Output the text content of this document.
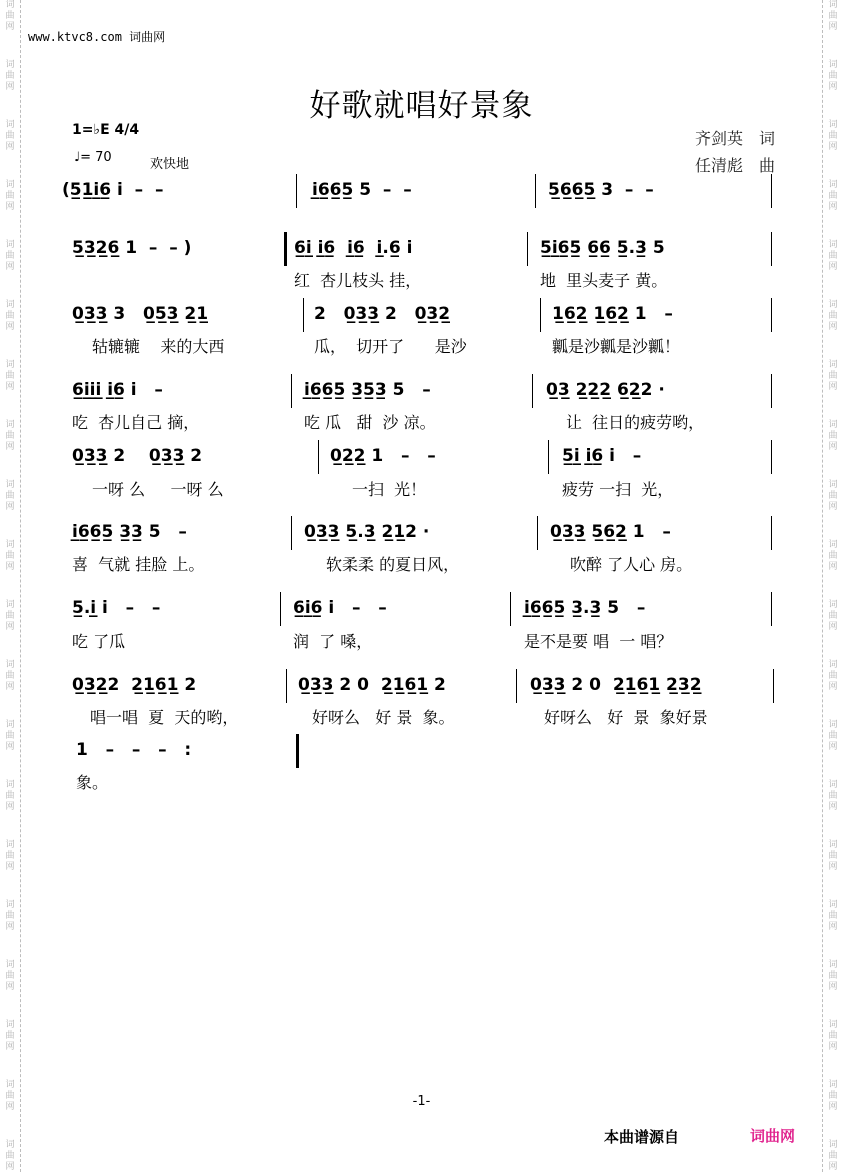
词
曲
网
词
曲
网
词
曲
网
词
曲
网
词
曲
网
词
曲
网
词
曲
网
词
曲
网
词
曲
网
词
曲
网
词
曲
网
词
曲
网
词
曲
网
词
曲
网
词
曲
网
词
曲
网
词
曲
网
词
曲
网
词
曲
网
词
曲
网
词
曲
网
词
曲
网
词
曲
网
词
曲
网
词
曲
网
词
曲
网
词
曲
网
词
曲
网
词
曲
网
词
曲
网
词
曲
网
词
曲
网
词
曲
网
词
曲
网
词
曲
网
词
曲
网
词
曲
网
词
曲
网
词
曲
网
词
曲
网
www.ktvc8.com 词曲网
好歌就唱好景象
1=♭E 4/4
♩= 70	欢快地
齐剑英　词
任清彪　曲
(5̲1̲i̲6̲ i  –  –	i̲6̲6̲5̲ 5  –  –	5̲6̲6̲5̲ 3  –  –
5̲3̲2̲6̲ 1  –  – )	6̲i̲ i̲6̲  i̲6̲  i̲.6̲ i
红  杏儿枝头 挂，
5̲i̲6̲5̲ 6̲6̲ 5̲.3̲ 5
地  里头麦子 黄。
0̲3̲3̲ 3   0̲5̲3̲ 2̲1̲
轱辘辘    来的大西
2   0̲3̲3̲ 2   0̲3̲2̲
瓜，  切开了      是沙
1̲6̲2̲ 1̲6̲2̲ 1   –
瓤是沙瓤是沙瓤！
6̲i̲i̲i̲ i̲6̲ i   –
吃  杏儿自己 摘，
i̲6̲6̲5̲ 3̲5̲3̲ 5   –
吃 瓜   甜  沙 凉。
0̲3̲ 2̲2̲2̲ 6̲2̲2 ·
让  往日的疲劳哟，
0̲3̲3̲ 2    0̲3̲3̲ 2
一呀 么     一呀 么
0̲2̲2̲ 1   –   –
一扫  光！
5̲i̲ i̲6̲ i   –
疲劳 一扫  光，
i̲6̲6̲5̲ 3̲3̲ 5   –
喜  气就 挂脸 上。
0̲3̲3̲ 5̲.3̲ 2̲1̲2 ·
软柔柔 的夏日风，
0̲3̲3̲ 5̲6̲2̲ 1   –
吹醉 了人心 房。
5̲.i̲ i   –   –
吃 了瓜
6̲i̲6̲ i   –   –
润  了 嗓，
i̲6̲6̲5̲ 3̲.3̲ 5   –
是不是要 唱  一 唱？
0̲3̲2̲2  2̲1̲6̲1̲ 2
唱一唱  夏  天的哟，
0̲3̲3̲ 2 0  2̲1̲6̲1̲ 2
好呀么   好 景  象。
0̲3̲3̲ 2 0  2̲1̲6̲1̲ 2̲3̲2̲
好呀么   好  景  象好景
1   –   –   –   :
象。
-1-
本曲谱源自	词曲网
